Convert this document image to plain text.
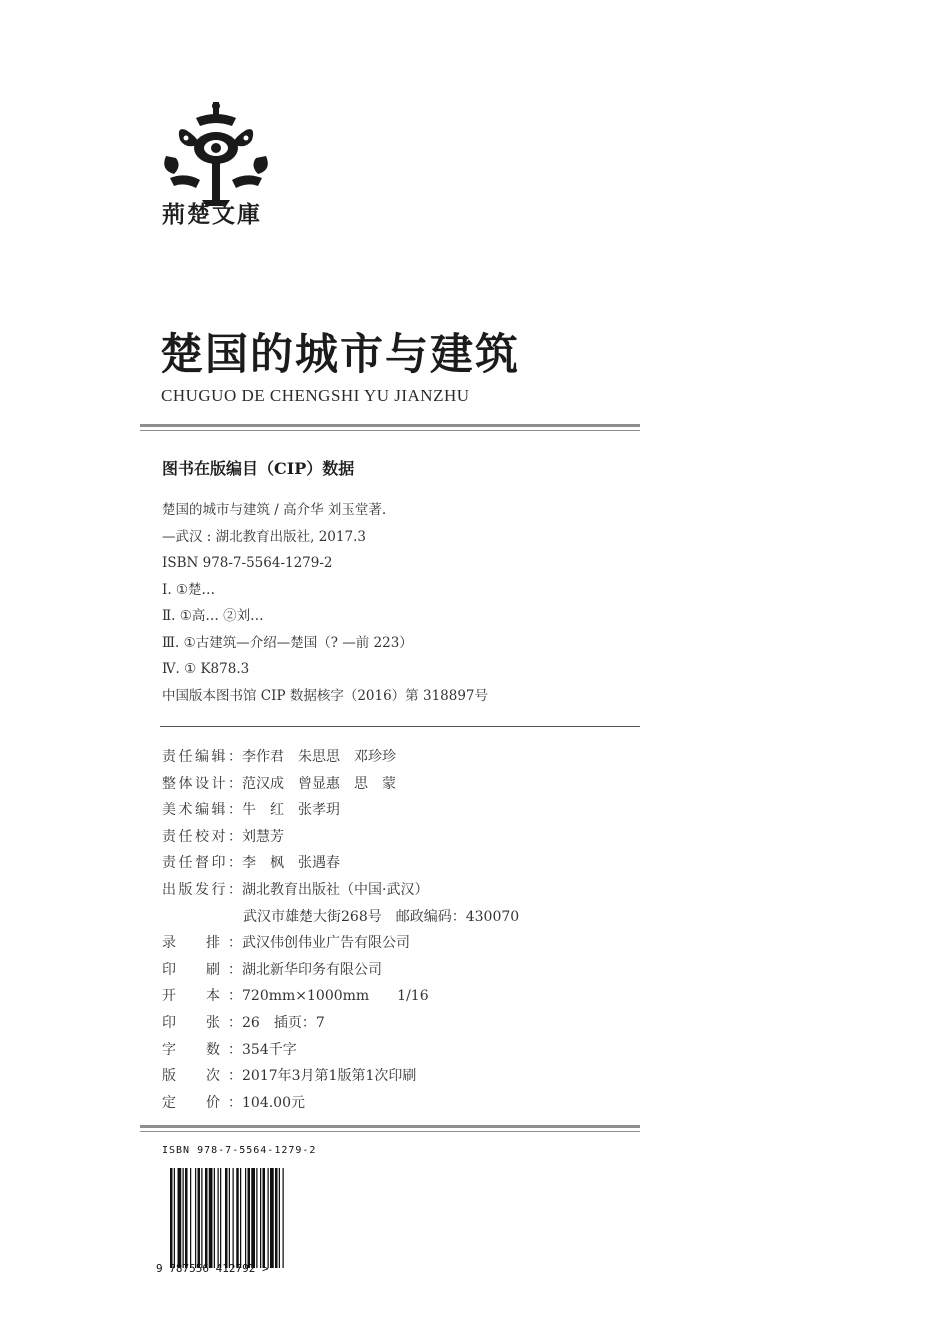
荊楚文庫
楚国的城市与建筑

CHUGUO DE CHENGSHI YU JIANZHU

图书在版编目（CIP）数据
楚国的城市与建筑 / 高介华 刘玉堂著.
—武汉 : 湖北教育出版社, 2017.3
ISBN 978-7-5564-1279-2
Ⅰ. ①楚…
Ⅱ. ①高… ②刘…
Ⅲ. ①古建筑—介绍—楚国（? —前 223）
Ⅳ. ① K878.3
中国版本图书馆 CIP 数据核字（2016）第 318897号
责任编辑： 李作君　朱思思　邓珍珍
整体设计： 范汉成　曾显惠　思　蒙
美术编辑： 牛　红　张孝玥
责任校对： 刘慧芳
责任督印： 李　枫　张遇春
出版发行： 湖北教育出版社（中国·武汉）
武汉市雄楚大街268号　邮政编码：430070
录　排： 武汉伟创伟业广告有限公司
印　刷： 湖北新华印务有限公司
开　本： 720mm×1000mm　　1/16
印　张： 26　插页：7
字　数： 354千字
版　次： 2017年3月第1版第1次印刷
定　价： 104.00元
ISBN 978-7-5564-1279-2
9 787556 412792 >
